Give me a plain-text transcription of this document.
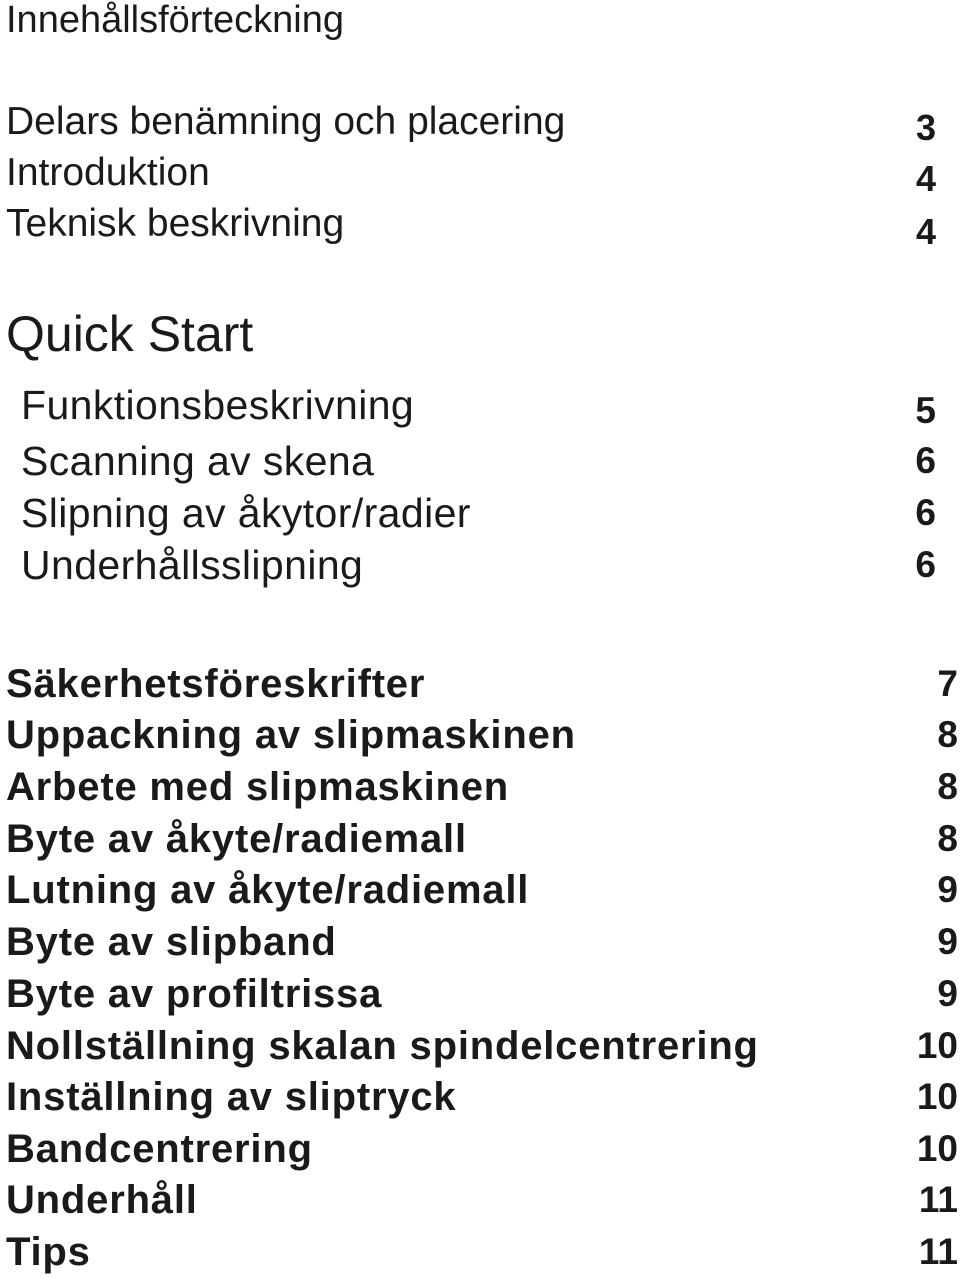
Innehållsförteckning
Delars benämning och placering	3
Introduktion	4
Teknisk beskrivning	4
Quick Start
Funktionsbeskrivning	5
Scanning av skena	6
Slipning av åkytor/radier	6
Underhållsslipning	6
Säkerhetsföreskrifter	7
Uppackning av slipmaskinen	8
Arbete med slipmaskinen	8
Byte av åkyte/radiemall	8
Lutning av åkyte/radiemall	9
Byte av slipband	9
Byte av profiltrissa	9
Nollställning skalan spindelcentrering	10
Inställning av sliptryck	10
Bandcentrering	10
Underhåll	11
Tips	11
